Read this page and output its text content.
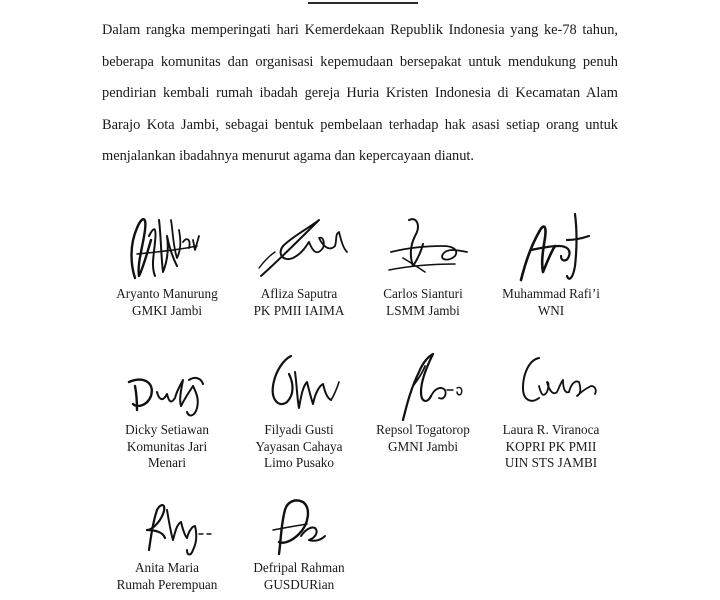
Dalam rangka memperingati hari Kemerdekaan Republik Indonesia yang ke-78 tahun,
beberapa komunitas dan organisasi kepemudaan bersepakat untuk mendukung penuh
pendirian kembali rumah ibadah gereja Huria Kristen Indonesia di Kecamatan Alam
Barajo Kota Jambi, sebagai bentuk pembelaan terhadap hak asasi setiap orang untuk
menjalankan ibadahnya menurut agama dan kepercayaan dianut.

Aryanto Manurung
GMKI Jambi
Afliza Saputra
PK PMII IAIMA
Carlos Sianturi
LSMM Jambi
Muhammad Rafi’i
WNI
Dicky Setiawan
Komunitas Jari
Menari
Filyadi Gusti
Yayasan Cahaya
Limo Pusako
Repsol Togatorop
GMNI Jambi
Laura R. Viranoca
KOPRI PK PMII
UIN STS JAMBI
Anita Maria
Rumah Perempuan
Defripal Rahman
GUSDURian
